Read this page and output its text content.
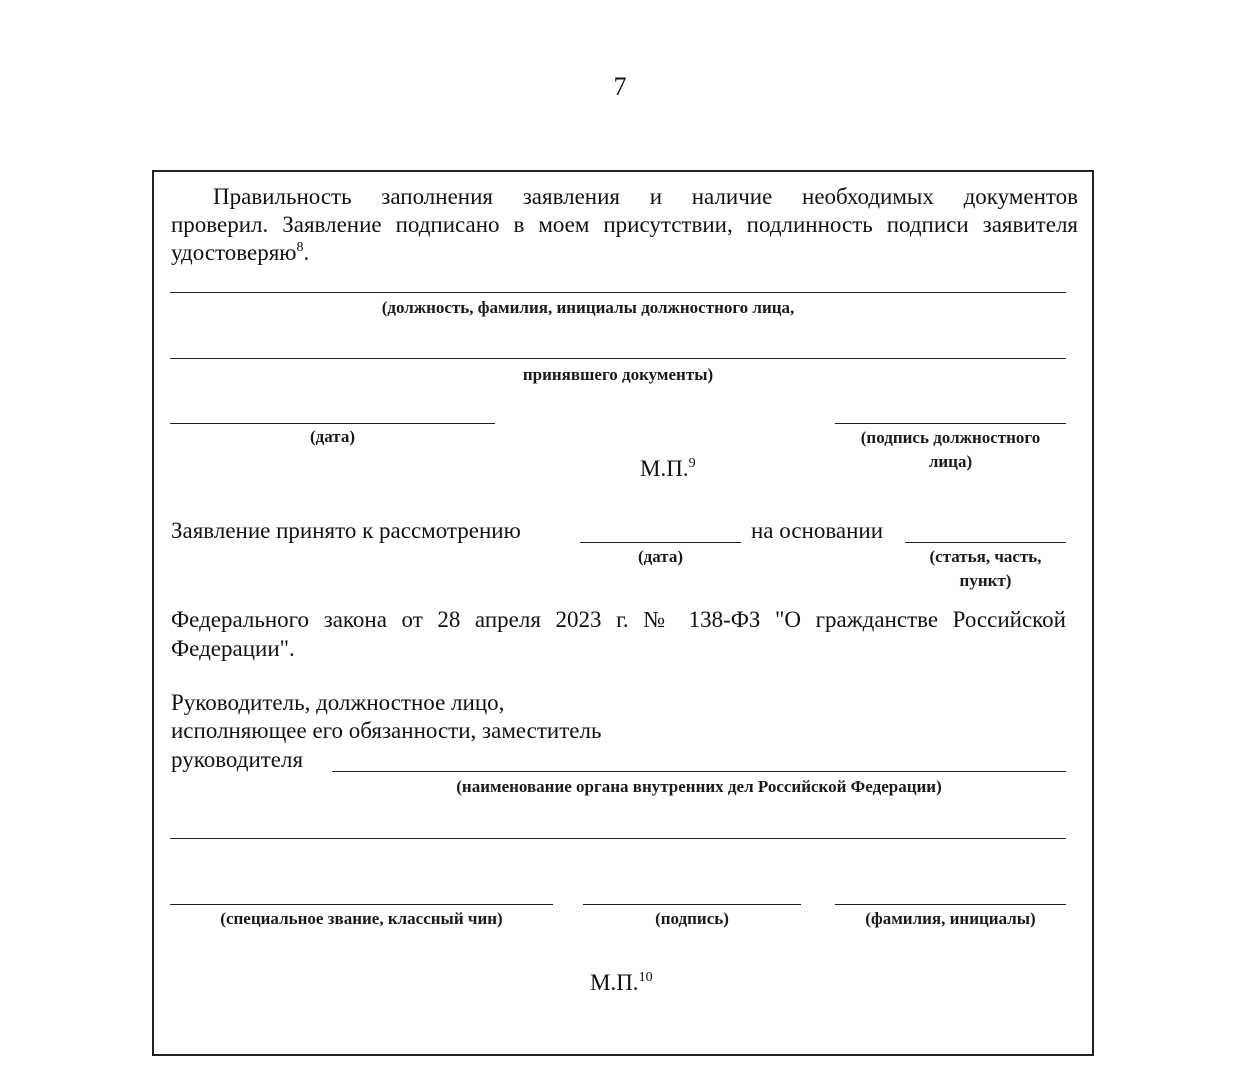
7
Правильность заполнения заявления и наличие необходимых документов
проверил. Заявление подписано в моем присутствии, подлинность подписи заявителя
удостоверяю$^8$.
(должность, фамилия, инициалы должностного лица,
принявшего документы)
(дата)	(подпись должностного
лица)
М.П.$^9$
Заявление принято к рассмотрению
(дата)
на основании
(статья, часть,
пункт)
Федерального закона от 28 апреля 2023 г. № 138-ФЗ "О гражданстве Российской
Федерации".
Руководитель, должностное лицо,
исполняющее его обязанности, заместитель
руководителя
(наименование органа внутренних дел Российской Федерации)
(специальное звание, классный чин)	(подпись)	(фамилия, инициалы)
М.П.$^{10}$
